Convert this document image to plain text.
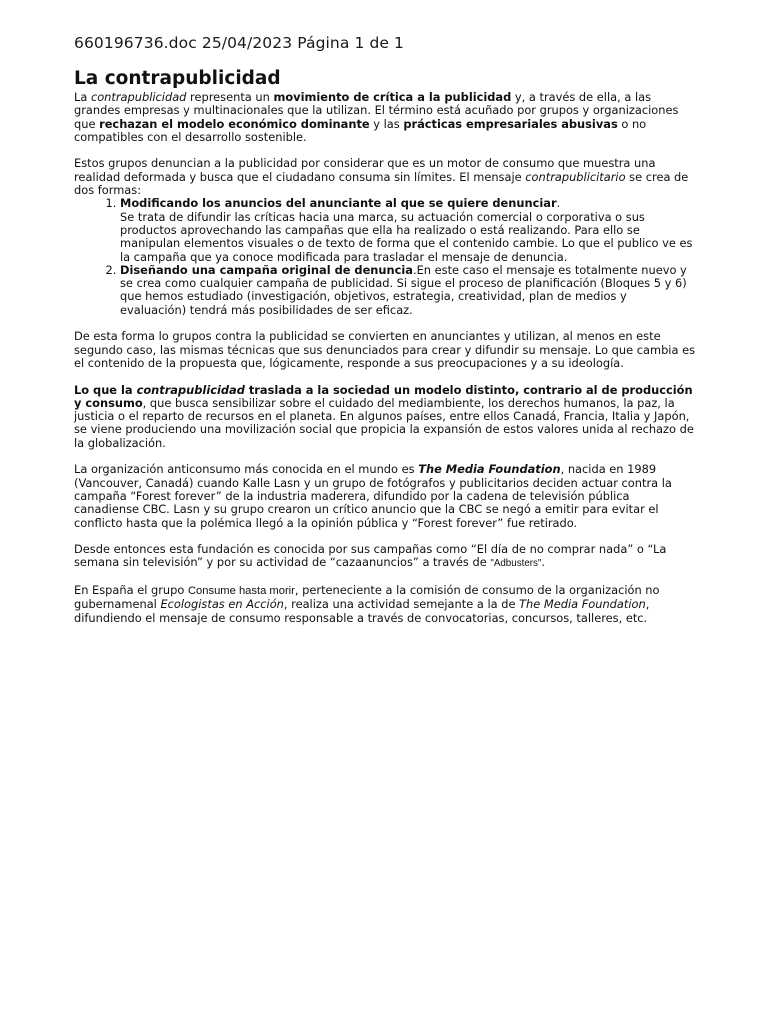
660196736.doc 25/04/2023 Página 1 de 1
La contrapublicidad

La contrapublicidad representa un movimiento de crítica a la publicidad y, a través de ella, a las grandes empresas y multinacionales que la utilizan. El término está acuñado por grupos y organizaciones que rechazan el modelo económico dominante y las prácticas empresariales abusivas o no compatibles con el desarrollo sostenible.

Estos grupos denuncian a la publicidad por considerar que es un motor de consumo que muestra una realidad deformada y busca que el ciudadano consuma sin límites. El mensaje contrapublicitario se crea de dos formas:

1. Modificando los anuncios del anunciante al que se quiere denunciar.
Se trata de difundir las críticas hacia una marca, su actuación comercial o corporativa o sus productos aprovechando las campañas que ella ha realizado o está realizando. Para ello se manipulan elementos visuales o de texto de forma que el contenido cambie. Lo que el publico ve es la campaña que ya conoce modificada para trasladar el mensaje de denuncia.
2. Diseñando una campaña original de denuncia.En este caso el mensaje es totalmente nuevo y se crea como cualquier campaña de publicidad. Si sigue el proceso de planificación (Bloques 5 y 6) que hemos estudiado (investigación, objetivos, estrategia, creatividad, plan de medios y evaluación) tendrá más posibilidades de ser eficaz.

De esta forma lo grupos contra la publicidad se convierten en anunciantes y utilizan, al menos en este segundo caso, las mismas técnicas que sus denunciados para crear y difundir su mensaje. Lo que cambia es el contenido de la propuesta que, lógicamente, responde a sus preocupaciones y a su ideología.

Lo que la contrapublicidad traslada a la sociedad un modelo distinto, contrario al de producción y consumo, que busca sensibilizar sobre el cuidado del mediambiente, los derechos humanos, la paz, la justicia o el reparto de recursos en el planeta. En algunos países, entre ellos Canadá, Francia, Italia y Japón, se viene produciendo una movilización social que propicia la expansión de estos valores unida al rechazo de la globalización.

La organización anticonsumo más conocida en el mundo es The Media Foundation, nacida en 1989 (Vancouver, Canadá) cuando Kalle Lasn y un grupo de fotógrafos y publicitarios deciden actuar contra la campaña “Forest forever” de la industria maderera, difundido por la cadena de televisión pública canadiense CBC. Lasn y su grupo crearon un crítico anuncio que la CBC se negó a emitir para evitar el conflicto hasta que la polémica llegó a la opinión pública y “Forest forever” fue retirado.

Desde entonces esta fundación es conocida por sus campañas como “El día de no comprar nada” o “La semana sin televisión” y por su actividad de “cazaanuncios” a través de "Adbusters".

En España el grupo Consume hasta morir, perteneciente a la comisión de consumo de la organización no gubernamenal Ecologistas en Acción, realiza una actividad semejante a la de The Media Foundation, difundiendo el mensaje de consumo responsable a través de convocatorias, concursos, talleres, etc.
